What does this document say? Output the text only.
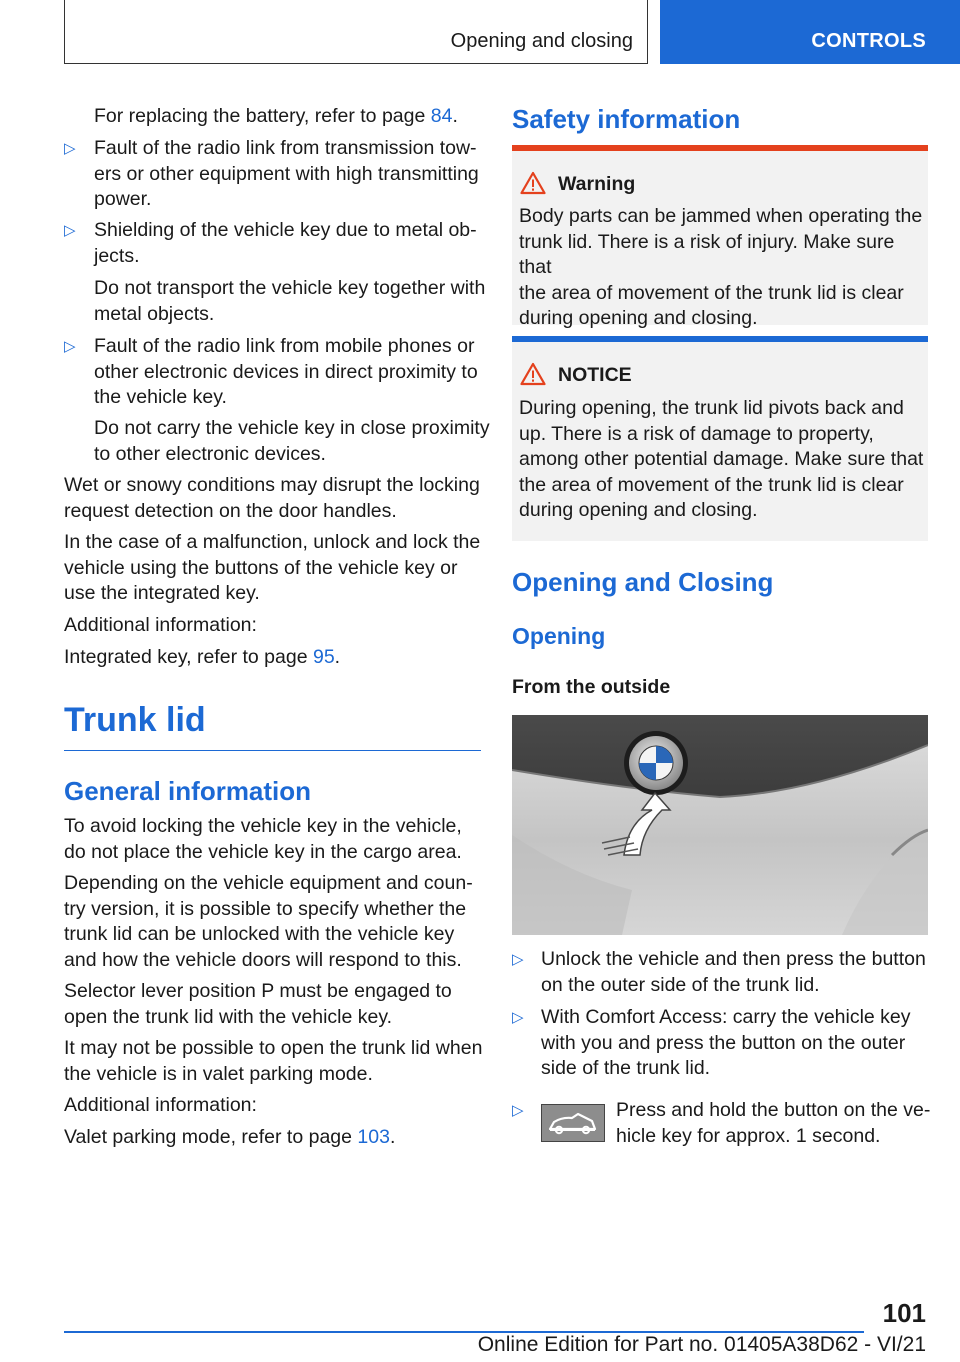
Opening and closing	CONTROLS

For replacing the battery, refer to page 84.

▷ Fault of the radio link from transmission tow-
ers or other equipment with high transmitting
power.

▷ Shielding of the vehicle key due to metal ob-
jects.

Do not transport the vehicle key together with
metal objects.

▷ Fault of the radio link from mobile phones or
other electronic devices in direct proximity to
the vehicle key.

Do not carry the vehicle key in close proximity
to other electronic devices.

Wet or snowy conditions may disrupt the locking
request detection on the door handles.

In the case of a malfunction, unlock and lock the
vehicle using the buttons of the vehicle key or
use the integrated key.

Additional information:

Integrated key, refer to page 95.

Trunk lid
General information

To avoid locking the vehicle key in the vehicle,
do not place the vehicle key in the cargo area.

Depending on the vehicle equipment and coun-
try version, it is possible to specify whether the
trunk lid can be unlocked with the vehicle key
and how the vehicle doors will respond to this.

Selector lever position P must be engaged to
open the trunk lid with the vehicle key.

It may not be possible to open the trunk lid when
the vehicle is in valet parking mode.

Additional information:

Valet parking mode, refer to page 103.

Safety information
Warning

Body parts can be jammed when operating the
trunk lid. There is a risk of injury. Make sure that
the area of movement of the trunk lid is clear
during opening and closing.

NOTICE

During opening, the trunk lid pivots back and
up. There is a risk of damage to property,
among other potential damage. Make sure that
the area of movement of the trunk lid is clear
during opening and closing.

Opening and Closing
Opening
From the outside
▷ Unlock the vehicle and then press the button
on the outer side of the trunk lid.

▷ With Comfort Access: carry the vehicle key
with you and press the button on the outer
side of the trunk lid.

▷	Press and hold the button on the ve-
hicle key for approx. 1 second.

101
Online Edition for Part no. 01405A38D62 - VI/21
